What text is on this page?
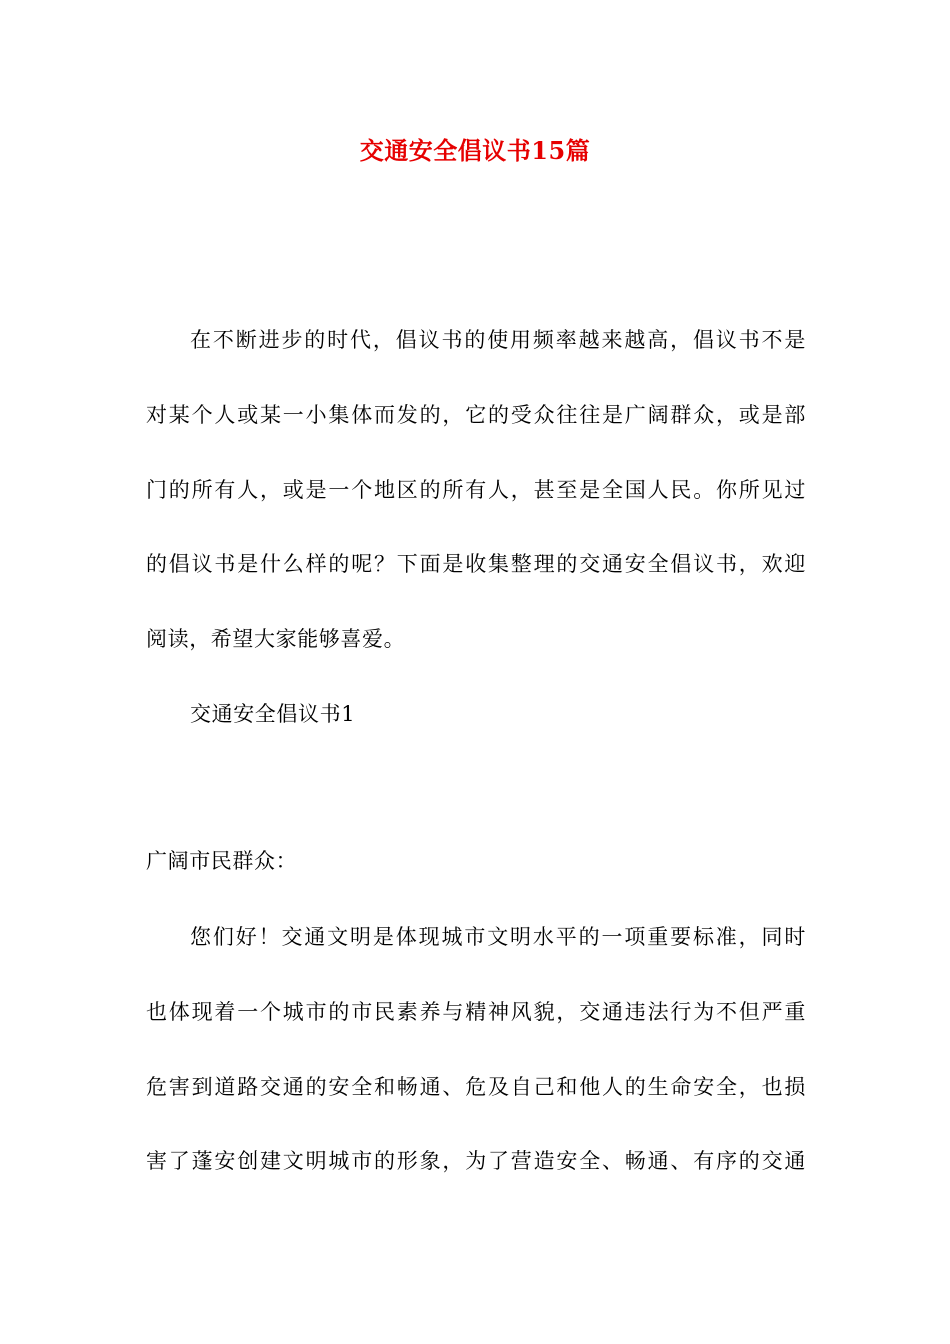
交通安全倡议书15篇
在不断进步的时代，倡议书的使用频率越来越高，倡议书不是
对某个人或某一小集体而发的，它的受众往往是广阔群众，或是部
门的所有人，或是一个地区的所有人，甚至是全国人民。你所见过
的倡议书是什么样的呢？下面是收集整理的交通安全倡议书，欢迎
阅读，希望大家能够喜爱。
交通安全倡议书1
广阔市民群众：
您们好！交通文明是体现城市文明水平的一项重要标准，同时
也体现着一个城市的市民素养与精神风貌，交通违法行为不但严重
危害到道路交通的安全和畅通、危及自己和他人的生命安全，也损
害了蓬安创建文明城市的形象，为了营造安全、畅通、有序的交通
